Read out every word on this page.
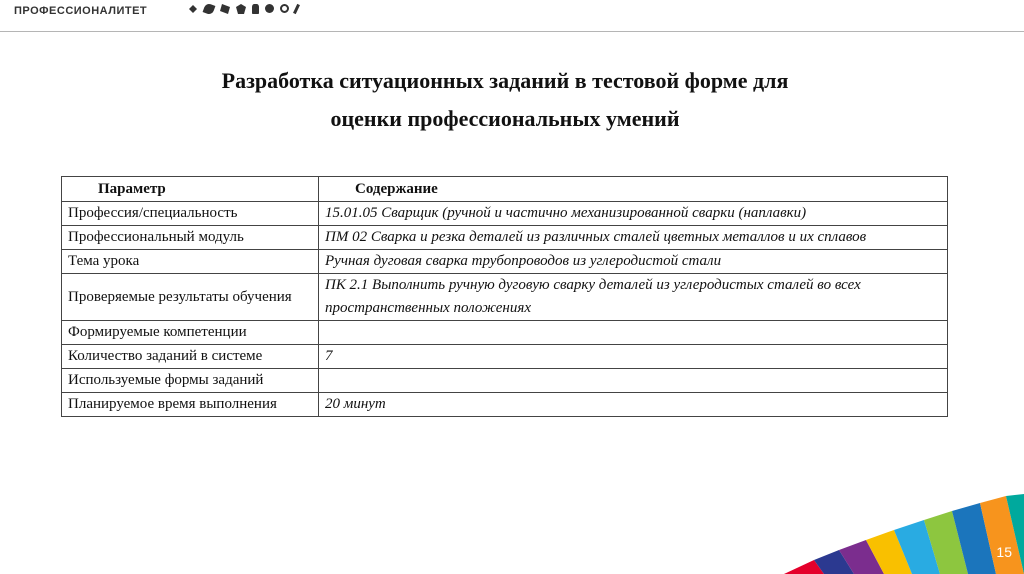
ПРОФЕССИОНАЛИТЕТ
Разработка ситуационных заданий в тестовой форме для
оценки профессиональных умений
Параметр	Содержание
Профессия/специальность	15.01.05 Сварщик (ручной и частично механизированной сварки (наплавки)
Профессиональный модуль	ПМ 02 Сварка и резка деталей из различных сталей цветных металлов и их сплавов
Тема урока	Ручная дуговая сварка трубопроводов из углеродистой стали
Проверяемые результаты обучения	ПК 2.1 Выполнить ручную дуговую сварку деталей из углеродистых сталей во всех пространственных положениях
Формируемые компетенции	
Количество заданий в системе	7
Используемые формы заданий	
Планируемое время выполнения	20 минут
15
